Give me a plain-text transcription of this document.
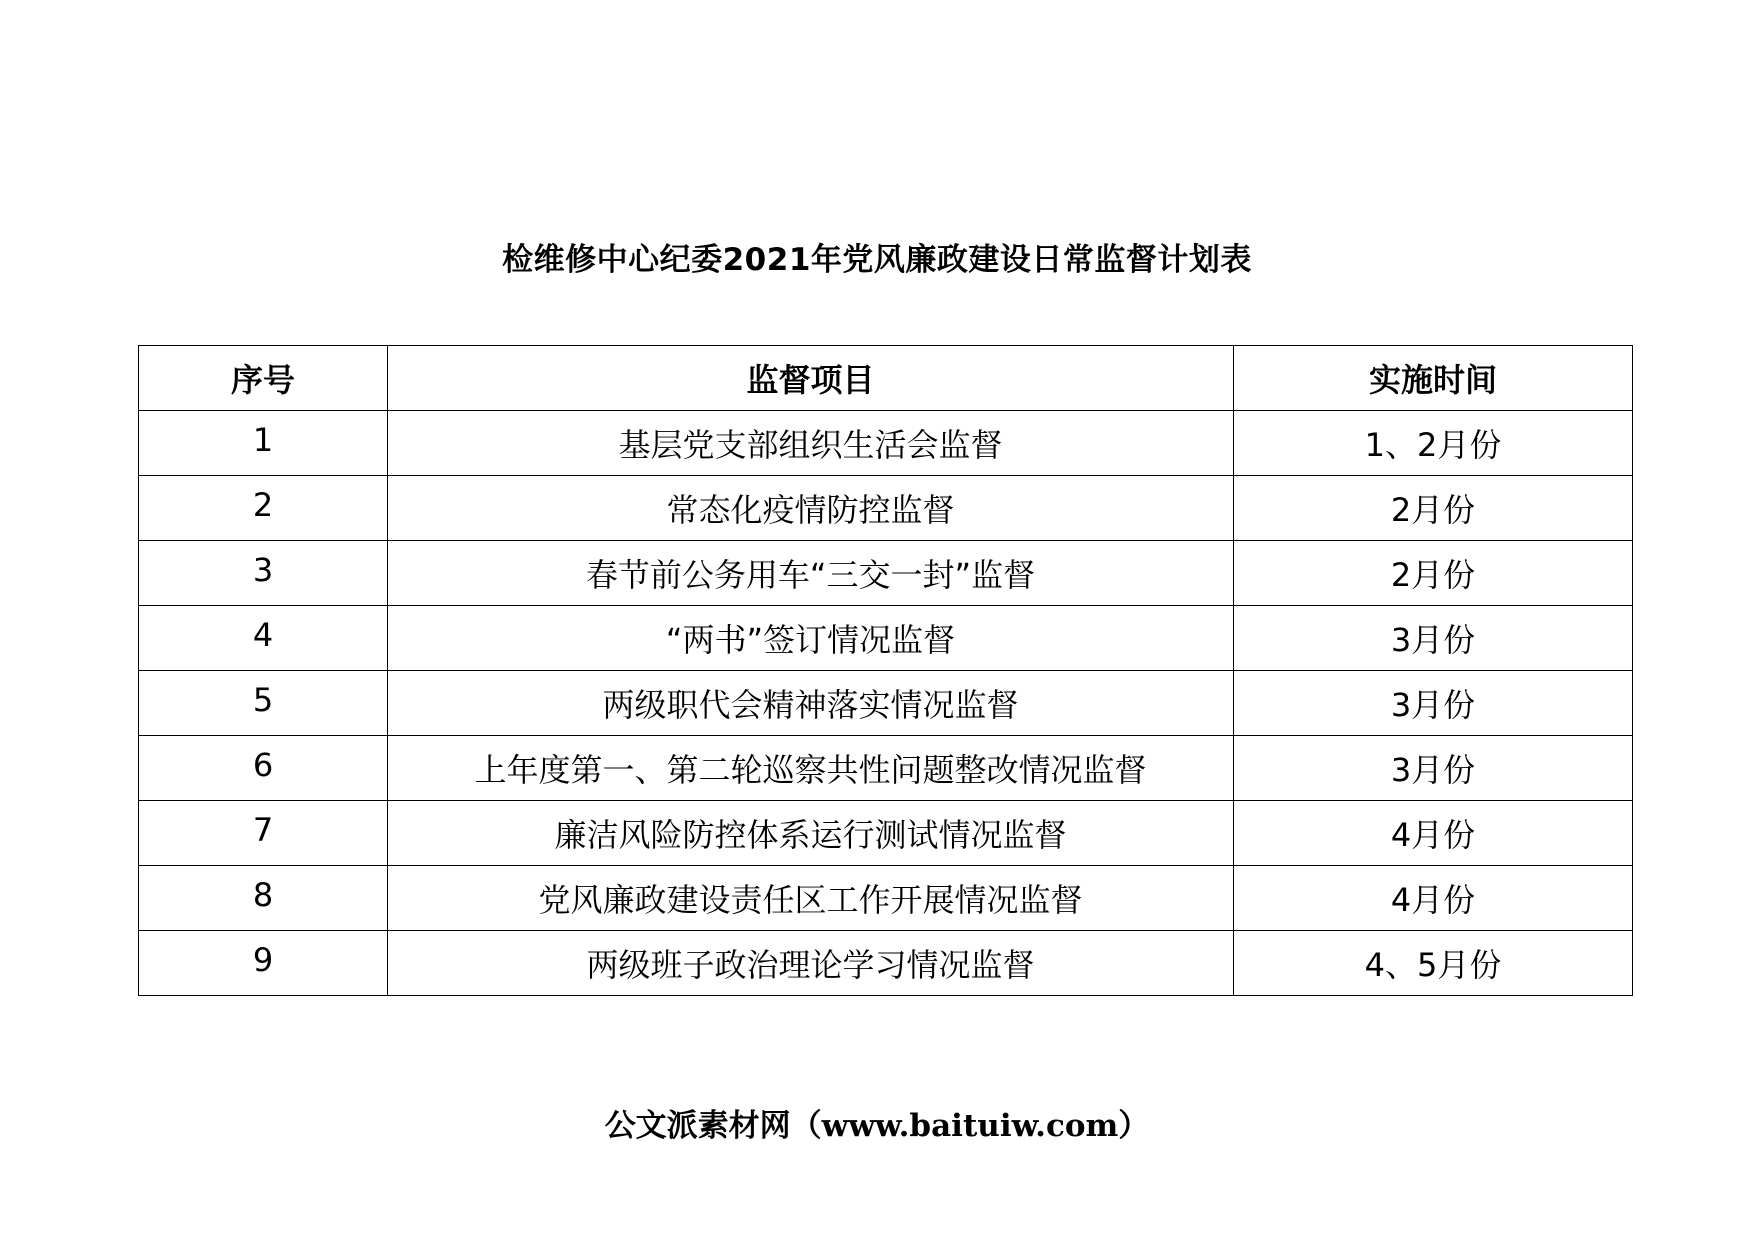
检维修中心纪委2021年党风廉政建设日常监督计划表
序号	监督项目	实施时间
1	基层党支部组织生活会监督	1、2月份
2	常态化疫情防控监督	2月份
3	春节前公务用车“三交一封”监督	2月份
4	“两书”签订情况监督	3月份
5	两级职代会精神落实情况监督	3月份
6	上年度第一、第二轮巡察共性问题整改情况监督	3月份
7	廉洁风险防控体系运行测试情况监督	4月份
8	党风廉政建设责任区工作开展情况监督	4月份
9	两级班子政治理论学习情况监督	4、5月份
公文派素材网（www.baituiw.com）
